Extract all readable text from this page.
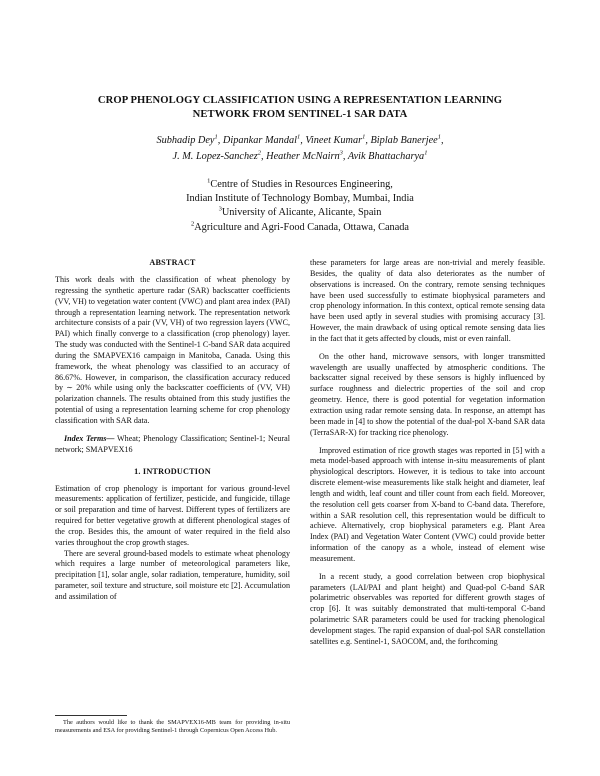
CROP PHENOLOGY CLASSIFICATION USING A REPRESENTATION LEARNING
NETWORK FROM SENTINEL-1 SAR DATA
Subhadip Dey$^1$, Dipankar Mandal$^1$, Vineet Kumar$^1$, Biplab Banerjee$^1$,
J. M. Lopez-Sanchez$^2$, Heather McNairn$^3$, Avik Bhattacharya$^1$
$^1$Centre of Studies in Resources Engineering,
Indian Institute of Technology Bombay, Mumbai, India
$^3$University of Alicante, Alicante, Spain
$^2$Agriculture and Agri-Food Canada, Ottawa, Canada
ABSTRACT

This work deals with the classification of wheat phenology by regressing the synthetic aperture radar (SAR) backscatter coefficients (VV, VH) to vegetation water content (VWC) and plant area index (PAI) through a representation learning network. The representation network architecture consists of a pair (VV, VH) of two regression layers (VWC, PAI) which finally converge to a classification (crop phenology) layer. The study was conducted with the Sentinel-1 C-band SAR data acquired during the SMAPVEX16 campaign in Manitoba, Canada. Using this framework, the wheat phenology was classified to an accuracy of 86.67%. However, in comparison, the classification accuracy reduced by ∼ 20% while using only the backscatter coefficients of (VV, VH) polarization channels. The results obtained from this study justifies the potential of using a representation learning scheme for crop phenology classification with SAR data.

Index Terms— Wheat; Phenology Classification; Sentinel-1; Neural network; SMAPVEX16

1. INTRODUCTION

Estimation of crop phenology is important for various ground-level measurements: application of fertilizer, pesticide, and fungicide, tillage or soil preparation and time of harvest. Different types of fertilizers are required for better vegetative growth at different phenological stages of the crop. Besides this, the amount of water required in the field also varies throughout the crop growth stages.

There are several ground-based models to estimate wheat phenology which requires a large number of meteorological parameters like, precipitation [1], solar angle, solar radiation, temperature, humidity, soil parameter, soil texture and structure, soil moisture etc [2]. Accumulation and assimilation of

The authors would like to thank the SMAPVEX16-MB team for providing in-situ measurements and ESA for providing Sentinel-1 through Copernicus Open Access Hub.

these parameters for large areas are non-trivial and merely feasible. Besides, the quality of data also deteriorates as the number of observations is increased. On the contrary, remote sensing techniques have been used successfully to estimate biophysical parameters and crop phenology information. In this context, optical remote sensing data have been used aptly in several studies with promising accuracy [3]. However, the main drawback of using optical remote sensing data lies in the fact that it gets affected by clouds, mist or even rainfall.

On the other hand, microwave sensors, with longer transmitted wavelength are usually unaffected by atmospheric conditions. The backscatter signal received by these sensors is highly influenced by surface roughness and dielectric properties of the soil and crop geometry. Hence, there is good potential for vegetation information extraction using radar remote sensing data. In response, an attempt has been made in [4] to show the potential of the dual-pol X-band SAR data (TerraSAR-X) for tracking rice phenology.

Improved estimation of rice growth stages was reported in [5] with a meta model-based approach with intense in-situ measurements of plant physiological descriptors. However, it is tedious to take into account discrete element-wise measurements like stalk height and diameter, leaf length and width, leaf count and tiller count from each field. Moreover, the resolution cell gets coarser from X-band to C-band data. Therefore, within a SAR resolution cell, this representation would be difficult to achieve. Alternatively, crop biophysical parameters e.g. Plant Area Index (PAI) and Vegetation Water Content (VWC) could provide better information of the canopy as a whole, instead of element wise measurement.

In a recent study, a good correlation between crop biophysical parameters (LAI/PAI and plant height) and Quad-pol C-band SAR polarimetric observables was reported for different growth stages of crop [6]. It was suitably demonstrated that multi-temporal C-band polarimetric SAR parameters could be used for tracking phenological development stages. The rapid expansion of dual-pol SAR constellation satellites e.g. Sentinel-1, SAOCOM, and, the forthcoming
